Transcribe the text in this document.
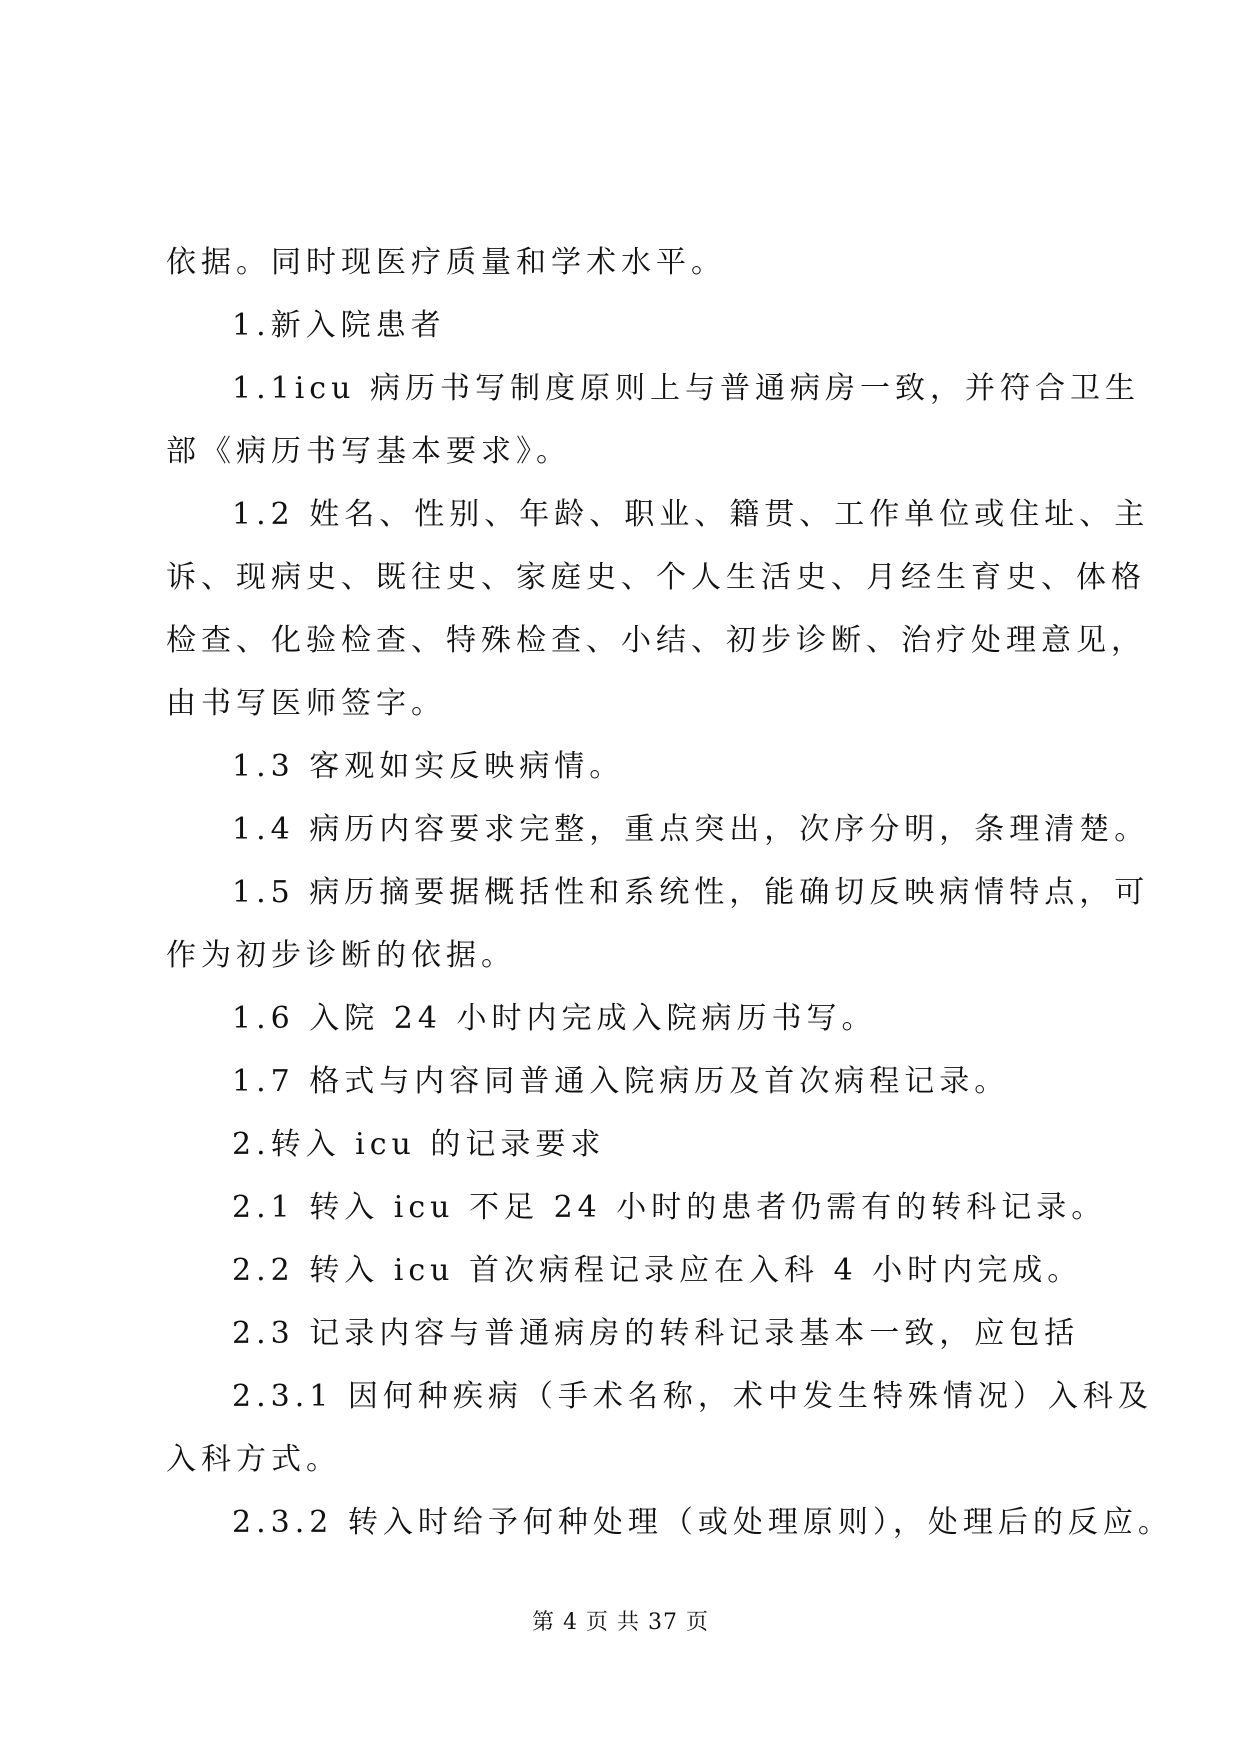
依据。同时现医疗质量和学术水平。
1.新入院患者
1.1icu 病历书写制度原则上与普通病房一致，并符合卫生
部《病历书写基本要求》。
1.2 姓名、性别、年龄、职业、籍贯、工作单位或住址、主
诉、现病史、既往史、家庭史、个人生活史、月经生育史、体格
检查、化验检查、特殊检查、小结、初步诊断、治疗处理意见，
由书写医师签字。
1.3 客观如实反映病情。
1.4 病历内容要求完整，重点突出，次序分明，条理清楚。
1.5 病历摘要据概括性和系统性，能确切反映病情特点，可
作为初步诊断的依据。
1.6 入院 24 小时内完成入院病历书写。
1.7 格式与内容同普通入院病历及首次病程记录。
2.转入 icu 的记录要求
2.1 转入 icu 不足 24 小时的患者仍需有的转科记录。
2.2 转入 icu 首次病程记录应在入科 4 小时内完成。
2.3 记录内容与普通病房的转科记录基本一致，应包括
2.3.1 因何种疾病（手术名称，术中发生特殊情况）入科及
入科方式。
2.3.2 转入时给予何种处理（或处理原则），处理后的反应。
第 4 页 共 37 页
